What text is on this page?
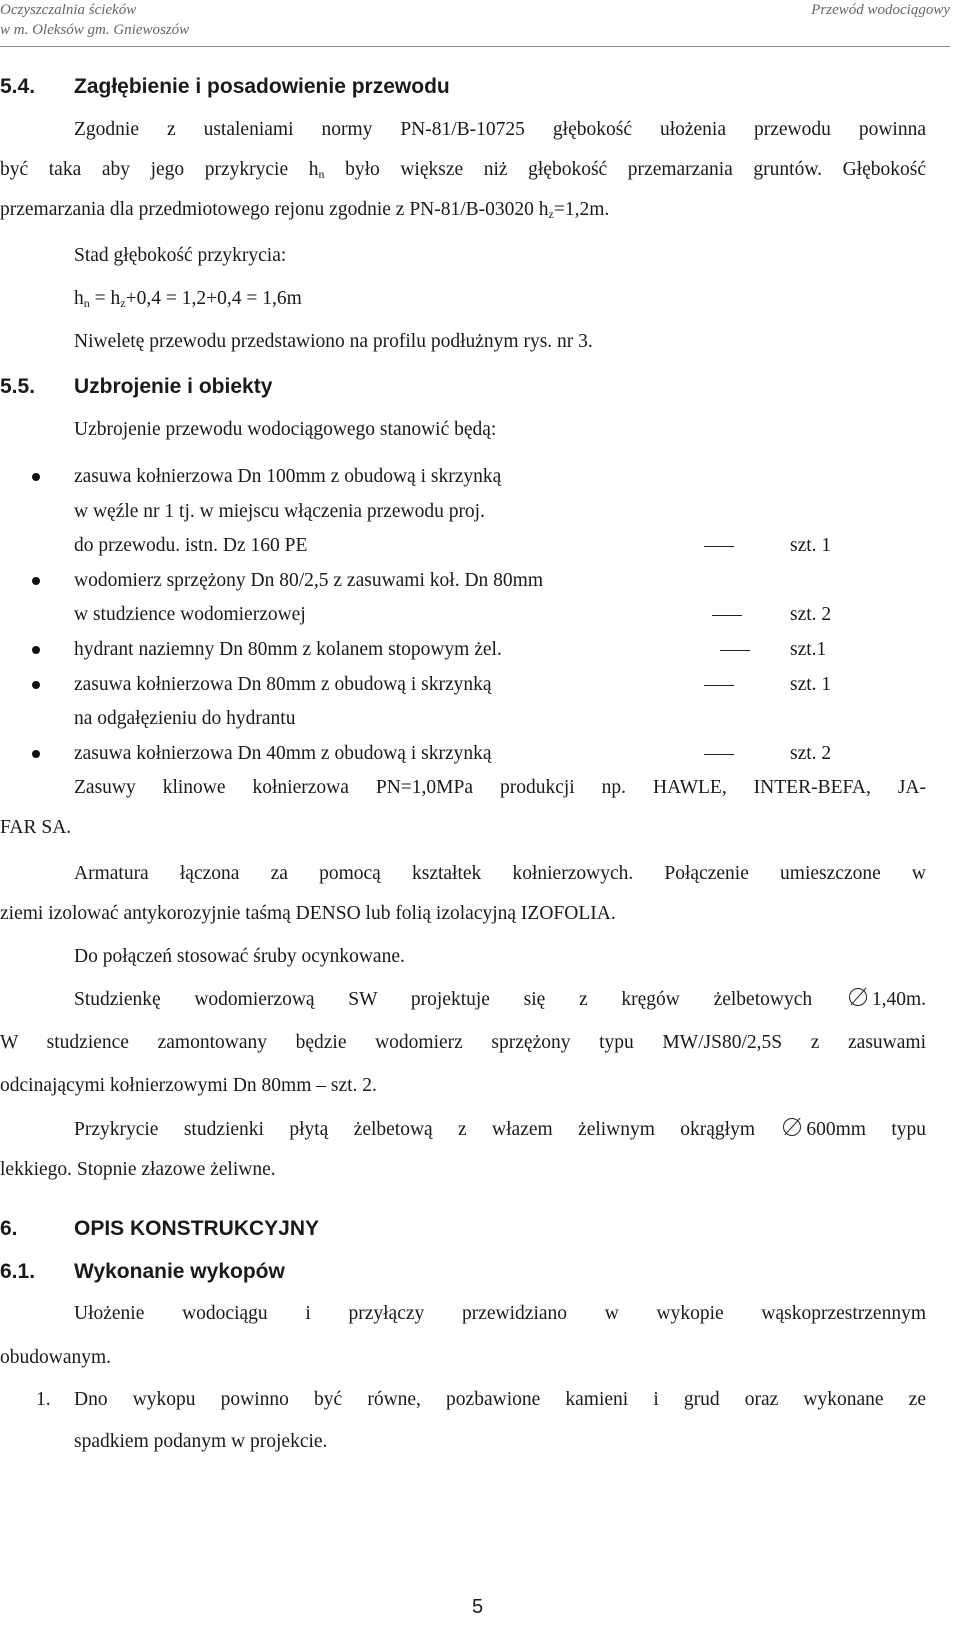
Oczyszczalnia ścieków
w m. Oleksów gm. Gniewoszów
Przewód wodociągowy
5.4. Zagłębienie i posadowienie przewodu
Zgodnie z ustaleniami normy PN-81/B-10725 głębokość ułożenia przewodu powinna
być taka aby jego przykrycie $h_n$ było większe niż głębokość przemarzania gruntów. Głębokość
przemarzania dla przedmiotowego rejonu zgodnie z PN-81/B-03020 $h_z=1,2m$.
Stad głębokość przykrycia:
$h_n = h_z+0,4 = 1,2+0,4 = 1,6m$
Niweletę przewodu przedstawiono na profilu podłużnym rys. nr 3.
5.5. Uzbrojenie i obiekty
Uzbrojenie przewodu wodociągowego stanowić będą:
zasuwa kołnierzowa Dn 100mm z obudową i skrzynką
w węźle nr 1 tj. w miejscu włączenia przewodu proj.
do przewodu. istn. Dz 160 PE	szt. 1
wodomierz sprzężony Dn 80/2,5 z zasuwami koł. Dn 80mm
w studzience wodomierzowej	szt. 2
hydrant naziemny Dn 80mm z kolanem stopowym żel.	szt.1
zasuwa kołnierzowa Dn 80mm z obudową i skrzynką	szt. 1
na odgałęzieniu do hydrantu
zasuwa kołnierzowa Dn 40mm z obudową i skrzynką	szt. 2
Zasuwy klinowe kołnierzowa PN=1,0MPa produkcji np. HAWLE, INTER-BEFA, JA-
FAR SA.
Armatura łączona za pomocą kształtek kołnierzowych. Połączenie umieszczone w
ziemi izolować antykorozyjnie taśmą DENSO lub folią izolacyjną IZOFOLIA.
Do połączeń stosować śruby ocynkowane.
Studzienkę wodomierzową SW projektuje się z kręgów żelbetowych	1,40m.
W studzience zamontowany będzie wodomierz sprzężony typu MW/JS80/2,5S z zasuwami
odcinającymi kołnierzowymi Dn 80mm – szt. 2.
Przykrycie studzienki płytą żelbetową z włazem żeliwnym okrągłym	600mm typu
lekkiego. Stopnie złazowe żeliwne.
6.	OPIS KONSTRUKCYJNY
6.1. Wykonanie wykopów
Ułożenie wodociągu i przyłączy przewidziano w wykopie wąskoprzestrzennym
obudowanym.
1. Dno wykopu powinno być równe, pozbawione kamieni i grud oraz wykonane ze
spadkiem podanym w projekcie.
5
